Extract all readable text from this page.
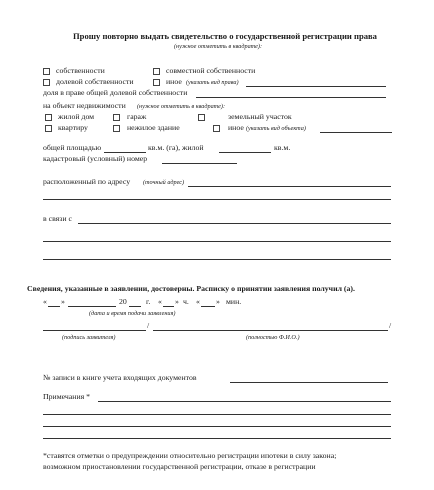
Прошу повторно выдать свидетельство о государственной регистрации права
(нужное отметить в квадрате):
собственности	совместной собственности
долевой собственности	иное (указать вид права)
доля в праве общей долевой собственности
на объект недвижимости (нужное отметить в квадрате):
жилой дом	гараж	земельный участок
квартиру	нежилое здание	иное (указать вид объекта)
общей площадью	кв.м. (га), жилой	кв.м.
кадастровый (условный) номер
расположенный по адресу (точный адрес)
в связи с
Сведения, указанные в заявлении, достоверны. Расписку о принятии заявления получил (а).
« »	20 г. « » ч. « » мин.
(дата и время подачи заявления)
/	/
(подпись заявителя)	(полностью Ф.И.О.)
№ записи в книге учета входящих документов
Примечания *
*ставятся отметки о предупреждении относительно регистрации ипотеки в силу закона;
возможном приостановлении государственной регистрации, отказе в регистрации
